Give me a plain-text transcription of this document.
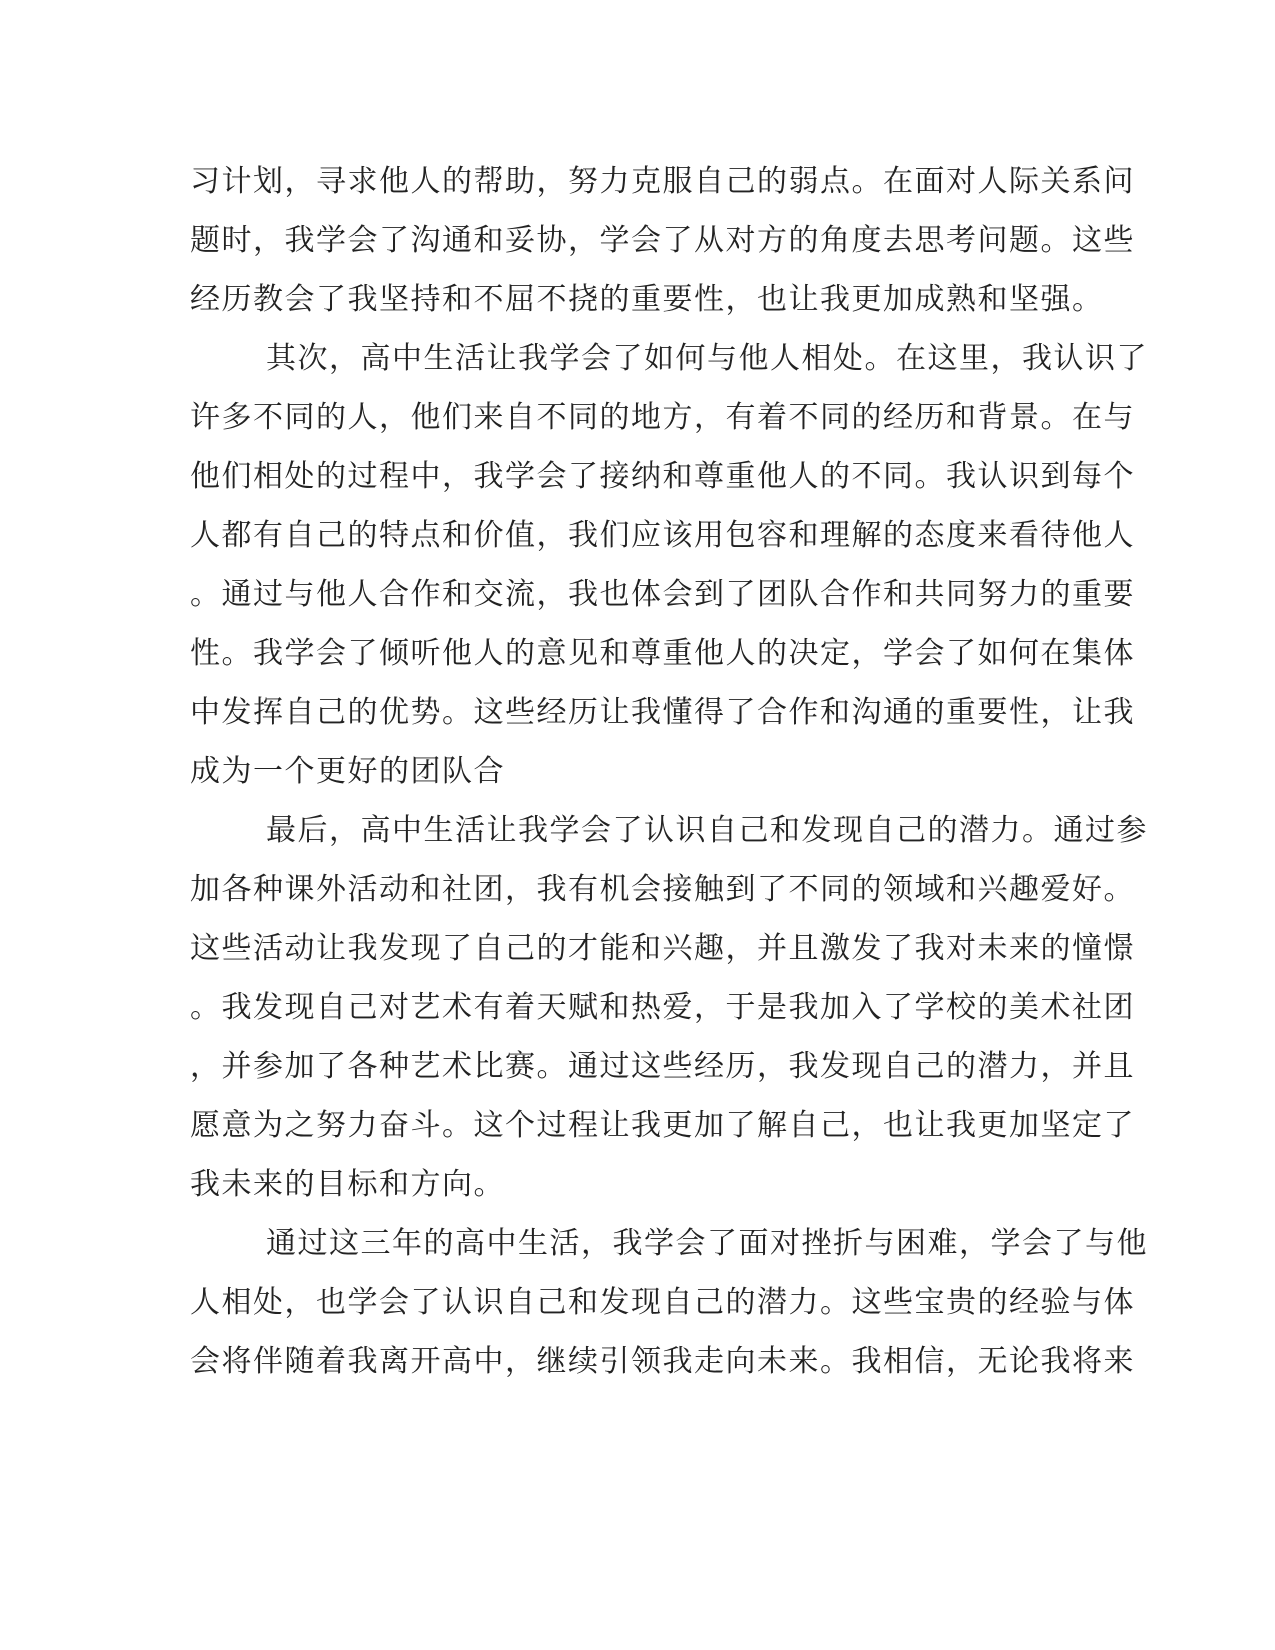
习计划，寻求他人的帮助，努力克服自己的弱点。在面对人际关系问
题时，我学会了沟通和妥协，学会了从对方的角度去思考问题。这些
经历教会了我坚持和不屈不挠的重要性，也让我更加成熟和坚强。
其次，高中生活让我学会了如何与他人相处。在这里，我认识了
许多不同的人，他们来自不同的地方，有着不同的经历和背景。在与
他们相处的过程中，我学会了接纳和尊重他人的不同。我认识到每个
人都有自己的特点和价值，我们应该用包容和理解的态度来看待他人
。通过与他人合作和交流，我也体会到了团队合作和共同努力的重要
性。我学会了倾听他人的意见和尊重他人的决定，学会了如何在集体
中发挥自己的优势。这些经历让我懂得了合作和沟通的重要性，让我
成为一个更好的团队合
最后，高中生活让我学会了认识自己和发现自己的潜力。通过参
加各种课外活动和社团，我有机会接触到了不同的领域和兴趣爱好。
这些活动让我发现了自己的才能和兴趣，并且激发了我对未来的憧憬
。我发现自己对艺术有着天赋和热爱，于是我加入了学校的美术社团
，并参加了各种艺术比赛。通过这些经历，我发现自己的潜力，并且
愿意为之努力奋斗。这个过程让我更加了解自己，也让我更加坚定了
我未来的目标和方向。
通过这三年的高中生活，我学会了面对挫折与困难，学会了与他
人相处，也学会了认识自己和发现自己的潜力。这些宝贵的经验与体
会将伴随着我离开高中，继续引领我走向未来。我相信，无论我将来
